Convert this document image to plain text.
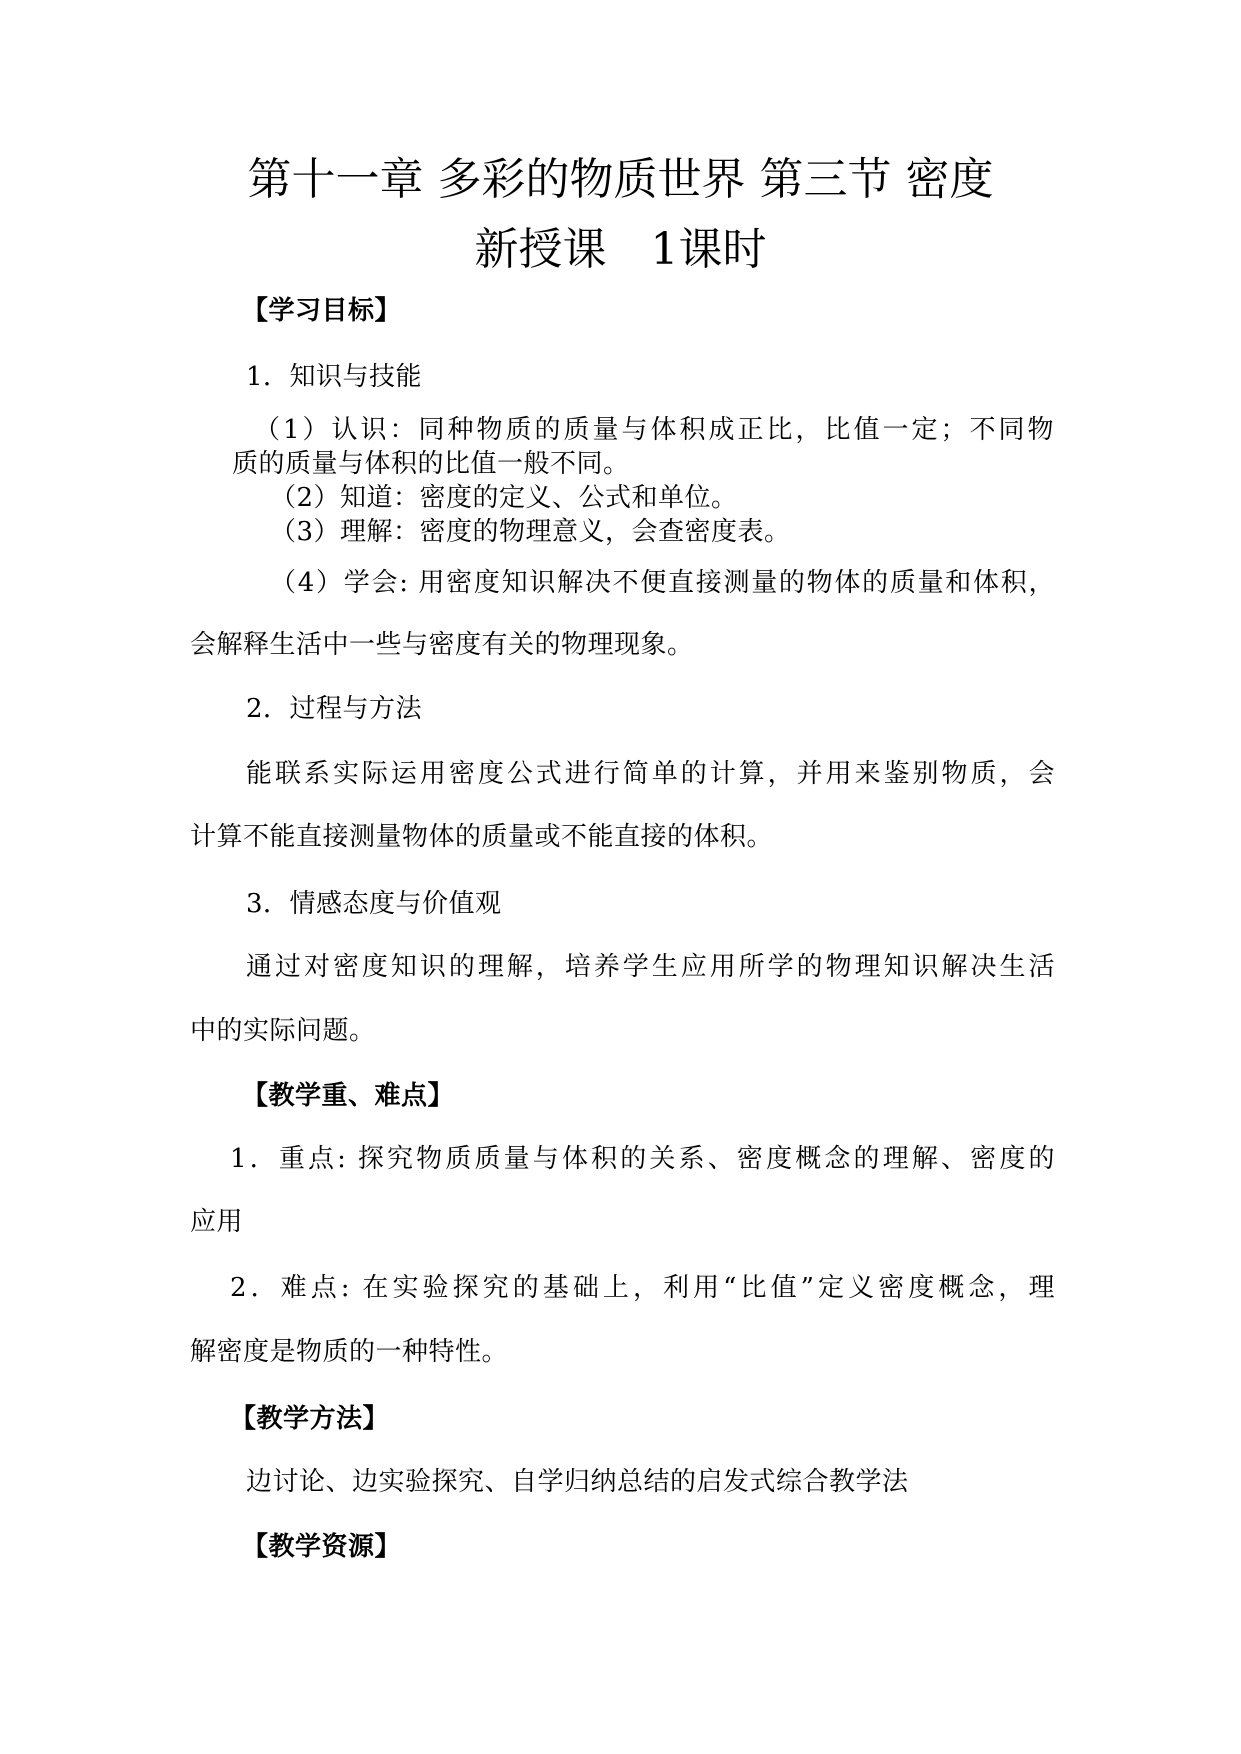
第十一章 多彩的物质世界 第三节 密度
新授课　1课时
【学习目标】
1．知识与技能
（1）认识：同种物质的质量与体积成正比，比值一定；不同物
质的质量与体积的比值一般不同。
（2）知道：密度的定义、公式和单位。
（3）理解：密度的物理意义，会查密度表。
（4）学会: 用密度知识解决不便直接测量的物体的质量和体积，
会解释生活中一些与密度有关的物理现象。
2．过程与方法
能联系实际运用密度公式进行简单的计算，并用来鉴别物质，会
计算不能直接测量物体的质量或不能直接的体积。
3．情感态度与价值观
通过对密度知识的理解，培养学生应用所学的物理知识解决生活
中的实际问题。
【教学重、难点】
1．重点: 探究物质质量与体积的关系、密度概念的理解、密度的
应用
2．难点: 在实验探究的基础上，利用“比值”定义密度概念，理
解密度是物质的一种特性。
【教学方法】
边讨论、边实验探究、自学归纳总结的启发式综合教学法
【教学资源】
